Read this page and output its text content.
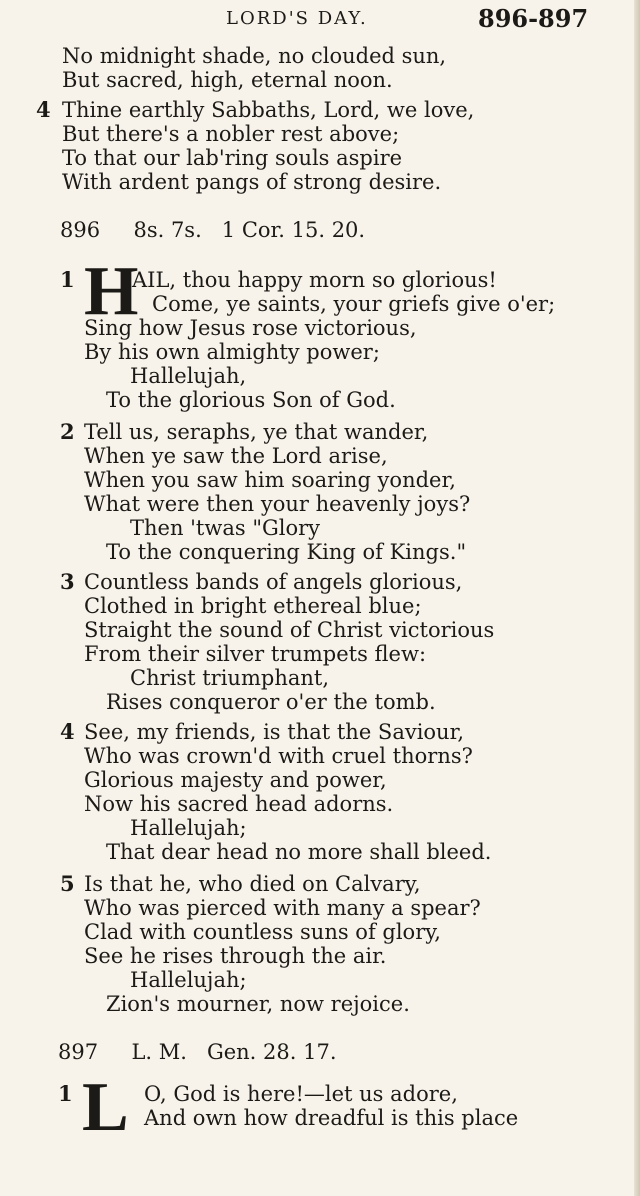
LORD'S DAY.	896-897
No midnight shade, no clouded sun,
But sacred, high, eternal noon.
4 Thine earthly Sabbaths, Lord, we love,
But there's a nobler rest above;
To that our lab'ring souls aspire
With ardent pangs of strong desire.
896     8s. 7s.   1 Cor. 15. 20.
1 H
AIL, thou happy morn so glorious!
Come, ye saints, your griefs give o'er;
Sing how Jesus rose victorious,
By his own almighty power;
Hallelujah,
To the glorious Son of God.
2 Tell us, seraphs, ye that wander,
When ye saw the Lord arise,
When you saw him soaring yonder,
What were then your heavenly joys?
Then 'twas "Glory
To the conquering King of Kings."
3 Countless bands of angels glorious,
Clothed in bright ethereal blue;
Straight the sound of Christ victorious
From their silver trumpets flew:
Christ triumphant,
Rises conqueror o'er the tomb.
4 See, my friends, is that the Saviour,
Who was crown'd with cruel thorns?
Glorious majesty and power,
Now his sacred head adorns.
Hallelujah;
That dear head no more shall bleed.
5 Is that he, who died on Calvary,
Who was pierced with many a spear?
Clad with countless suns of glory,
See he rises through the air.
Hallelujah;
Zion's mourner, now rejoice.
897     L. M.   Gen. 28. 17.
1 L O, God is here!—let us adore,
And own how dreadful is this place
